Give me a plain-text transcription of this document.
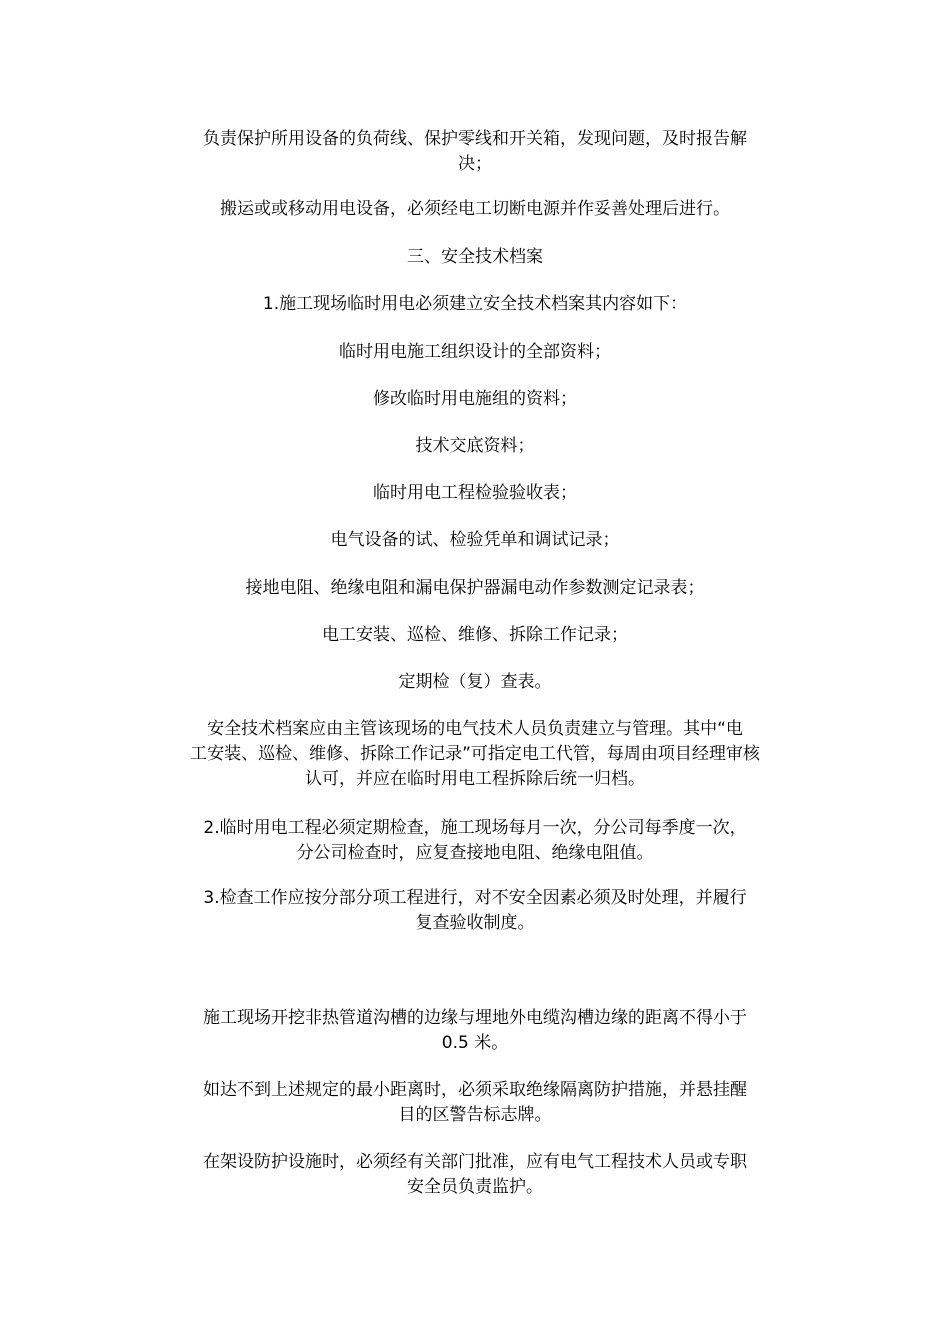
负责保护所用设备的负荷线、保护零线和开关箱，发现问题，及时报告解
决；
搬运或或移动用电设备，必须经电工切断电源并作妥善处理后进行。
三、安全技术档案
1.施工现场临时用电必须建立安全技术档案其内容如下：
临时用电施工组织设计的全部资料；
修改临时用电施组的资料；
技术交底资料；
临时用电工程检验验收表；
电气设备的试、检验凭单和调试记录；
接地电阻、绝缘电阻和漏电保护器漏电动作参数测定记录表；
电工安装、巡检、维修、拆除工作记录；
定期检（复）查表。
安全技术档案应由主管该现场的电气技术人员负责建立与管理。其中“电
工安装、巡检、维修、拆除工作记录”可指定电工代管，每周由项目经理审核
认可，并应在临时用电工程拆除后统一归档。
2.临时用电工程必须定期检查，施工现场每月一次，分公司每季度一次，
分公司检查时，应复查接地电阻、绝缘电阻值。
3.检查工作应按分部分项工程进行，对不安全因素必须及时处理，并履行
复查验收制度。
施工现场开挖非热管道沟槽的边缘与埋地外电缆沟槽边缘的距离不得小于
0.5 米。
如达不到上述规定的最小距离时，必须采取绝缘隔离防护措施，并悬挂醒
目的区警告标志牌。
在架设防护设施时，必须经有关部门批准，应有电气工程技术人员或专职
安全员负责监护。
